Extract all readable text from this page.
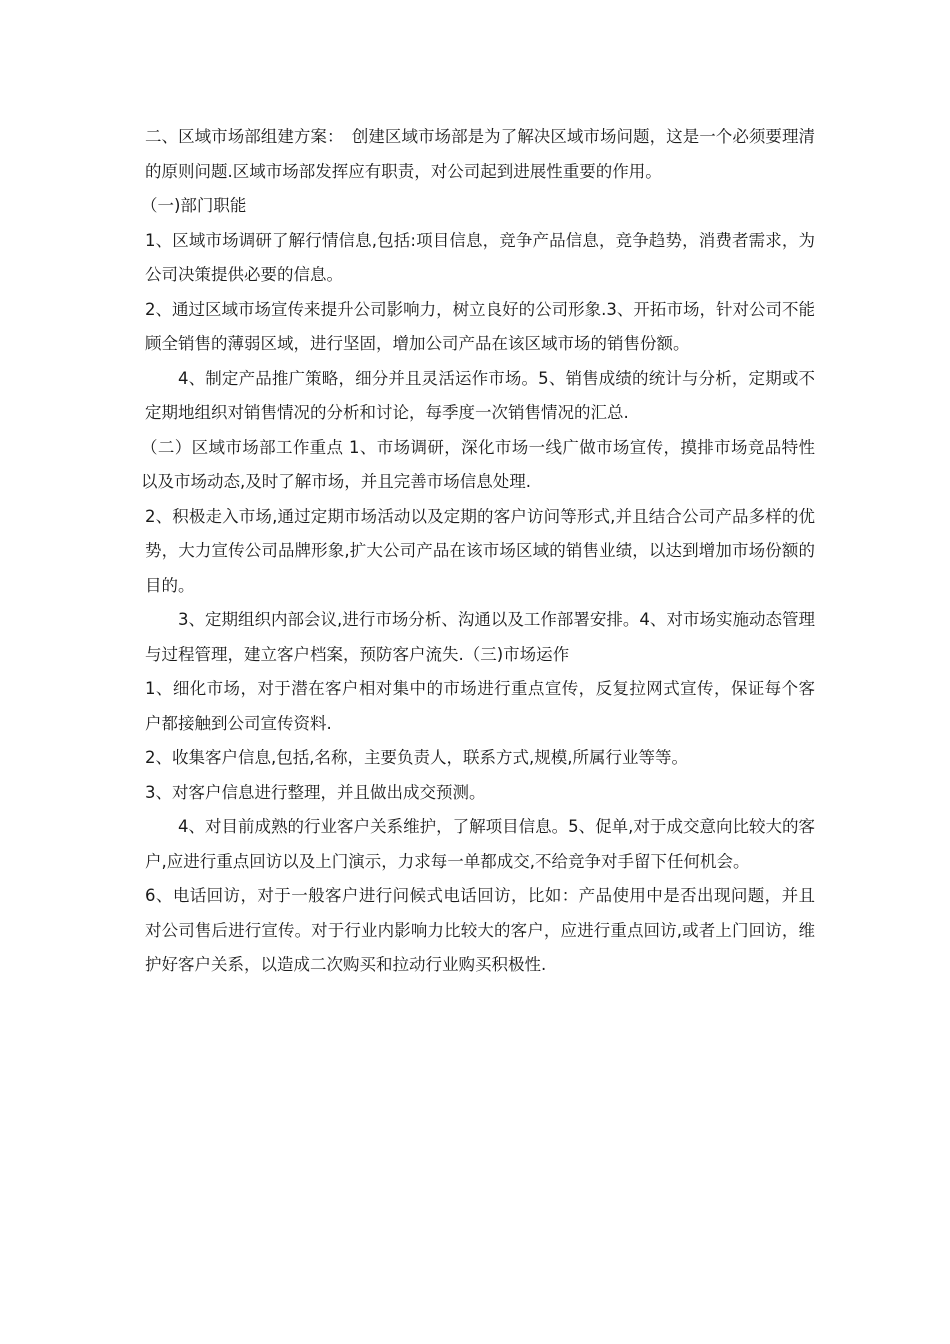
二、区域市场部组建方案：　创建区域市场部是为了解决区域市场问题，这是一个必须要理清的原则问题.区域市场部发挥应有职责，对公司起到进展性重要的作用。

（一)部门职能

1、区域市场调研了解行情信息,包括:项目信息，竞争产品信息，竞争趋势，消费者需求，为公司决策提供必要的信息。

2、通过区域市场宣传来提升公司影响力，树立良好的公司形象.3、开拓市场，针对公司不能顾全销售的薄弱区域，进行坚固，增加公司产品在该区域市场的销售份额。

4、制定产品推广策略，细分并且灵活运作市场。5、销售成绩的统计与分析，定期或不定期地组织对销售情况的分析和讨论，每季度一次销售情况的汇总.

（二）区域市场部工作重点 1、市场调研，深化市场一线广做市场宣传，摸排市场竞品特性以及市场动态,及时了解市场，并且完善市场信息处理.

2、积极走入市场,通过定期市场活动以及定期的客户访问等形式,并且结合公司产品多样的优势，大力宣传公司品牌形象,扩大公司产品在该市场区域的销售业绩，以达到增加市场份额的目的。

3、定期组织内部会议,进行市场分析、沟通以及工作部署安排。4、对市场实施动态管理与过程管理，建立客户档案，预防客户流失.（三)市场运作

1、细化市场，对于潜在客户相对集中的市场进行重点宣传，反复拉网式宣传，保证每个客户都接触到公司宣传资料.

2、收集客户信息,包括,名称，主要负责人，联系方式,规模,所属行业等等。

3、对客户信息进行整理，并且做出成交预测。

4、对目前成熟的行业客户关系维护，了解项目信息。5、促单,对于成交意向比较大的客户,应进行重点回访以及上门演示，力求每一单都成交,不给竞争对手留下任何机会。

6、电话回访，对于一般客户进行问候式电话回访，比如：产品使用中是否出现问题，并且对公司售后进行宣传。对于行业内影响力比较大的客户，应进行重点回访,或者上门回访，维护好客户关系，以造成二次购买和拉动行业购买积极性.
